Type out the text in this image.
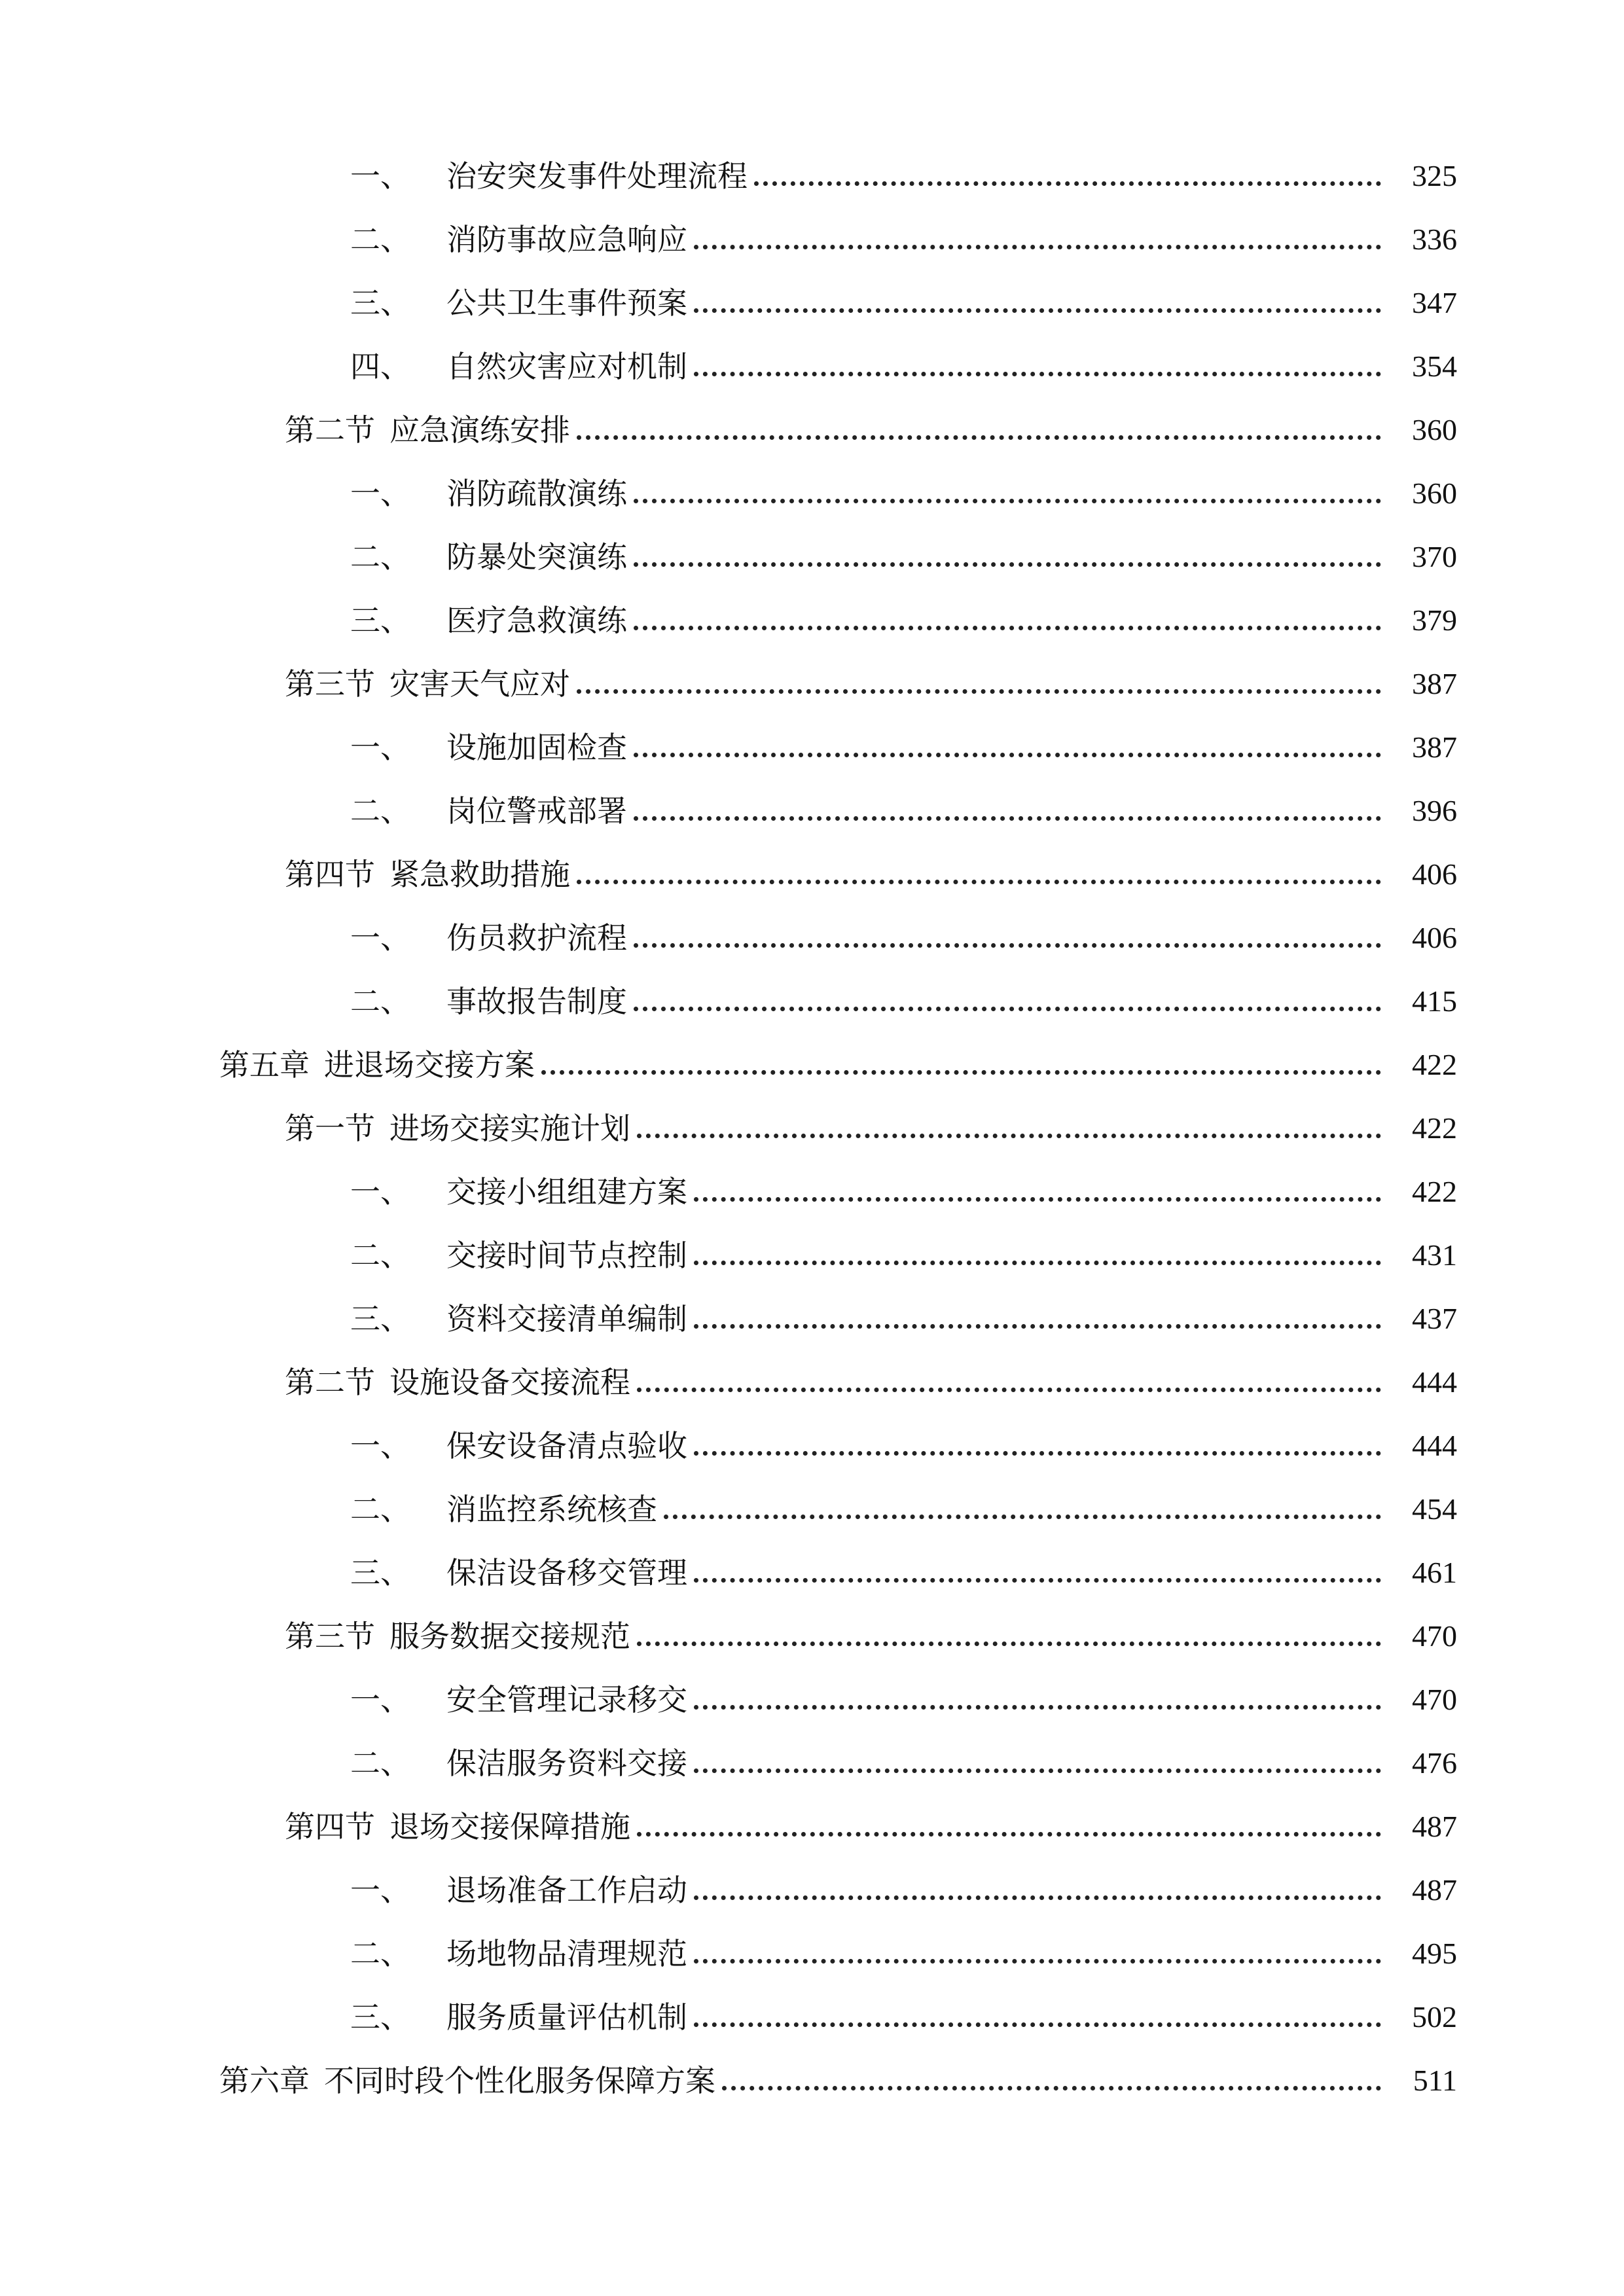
一、	治安突发事件处理流程	325
二、	消防事故应急响应	336
三、	公共卫生事件预案	347
四、	自然灾害应对机制	354
第二节 应急演练安排	360
一、	消防疏散演练	360
二、	防暴处突演练	370
三、	医疗急救演练	379
第三节 灾害天气应对	387
一、	设施加固检查	387
二、	岗位警戒部署	396
第四节 紧急救助措施	406
一、	伤员救护流程	406
二、	事故报告制度	415
第五章 进退场交接方案	422
第一节 进场交接实施计划	422
一、	交接小组组建方案	422
二、	交接时间节点控制	431
三、	资料交接清单编制	437
第二节 设施设备交接流程	444
一、	保安设备清点验收	444
二、	消监控系统核查	454
三、	保洁设备移交管理	461
第三节 服务数据交接规范	470
一、	安全管理记录移交	470
二、	保洁服务资料交接	476
第四节 退场交接保障措施	487
一、	退场准备工作启动	487
二、	场地物品清理规范	495
三、	服务质量评估机制	502
第六章 不同时段个性化服务保障方案	511
